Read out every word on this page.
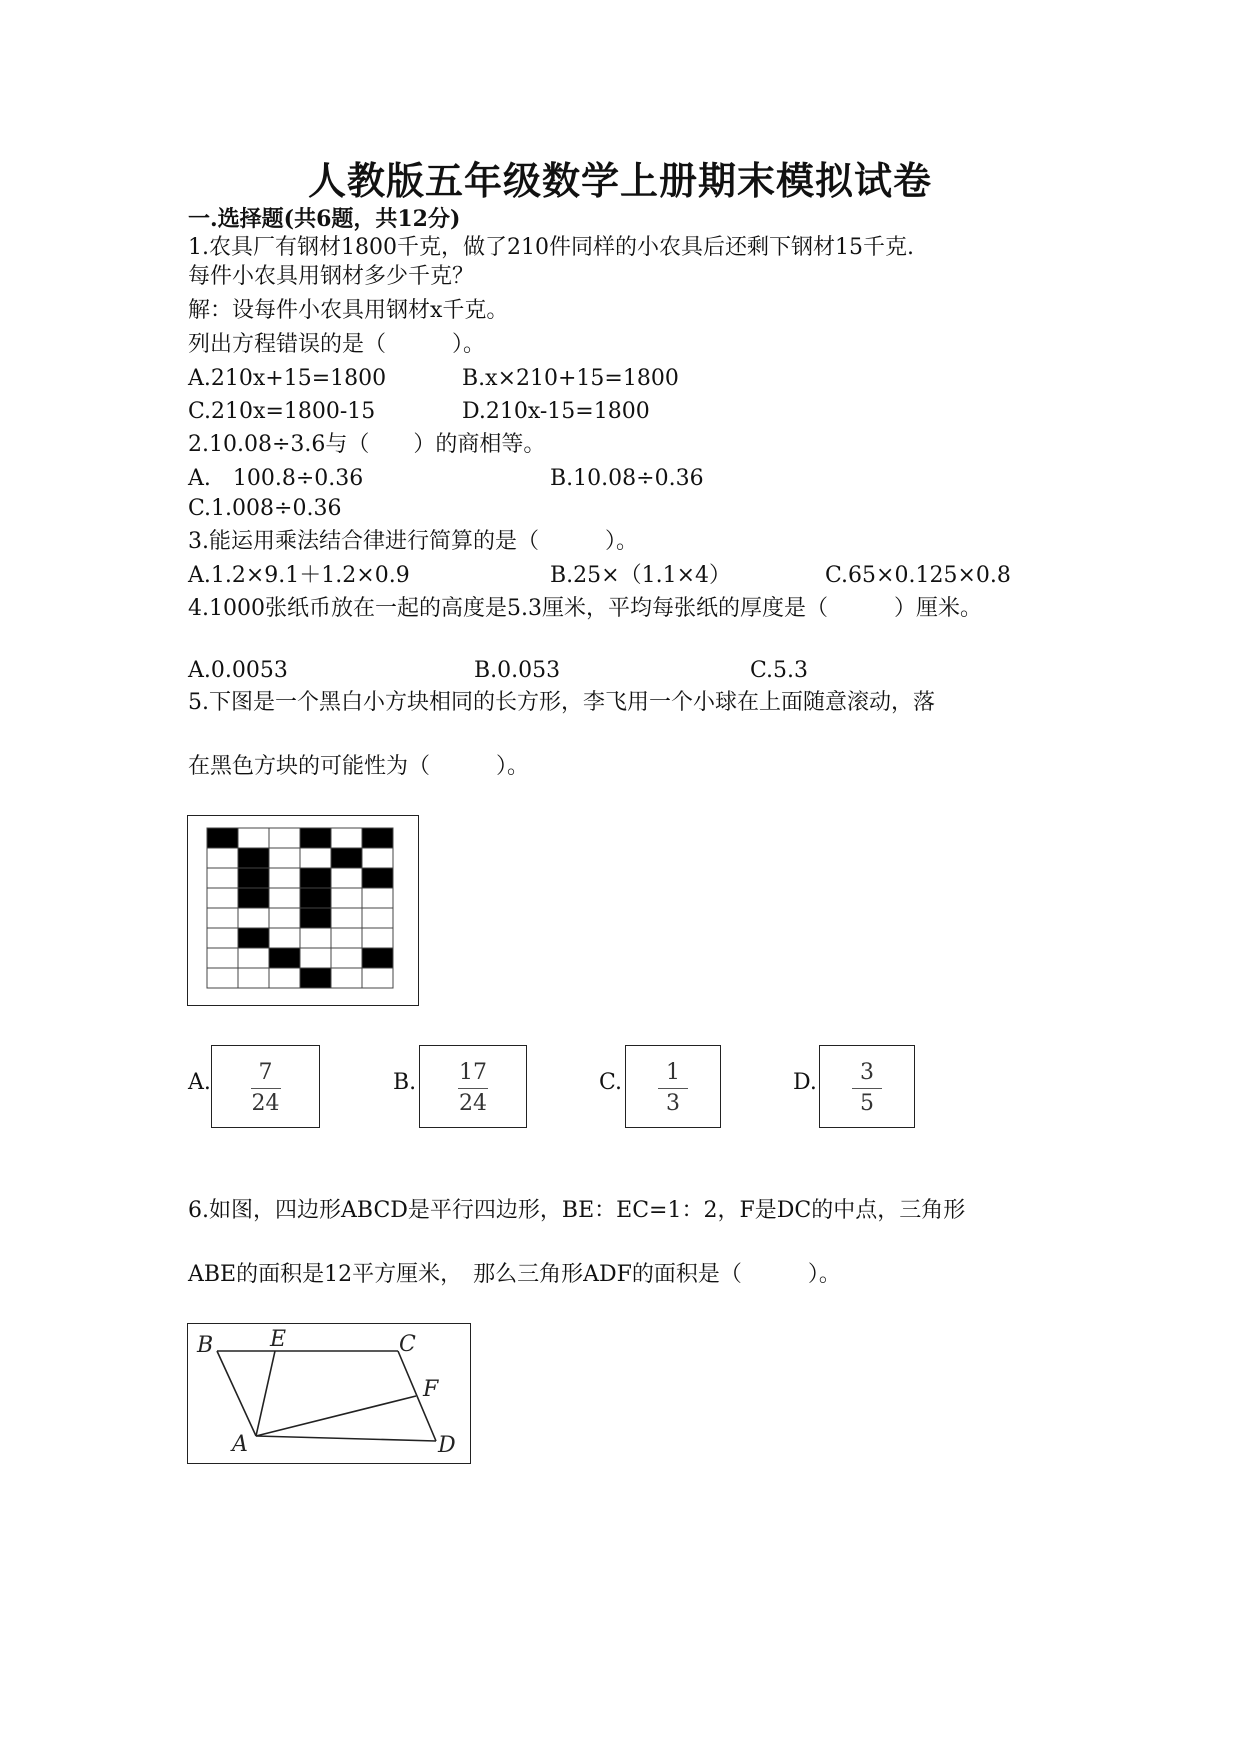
人教版五年级数学上册期末模拟试卷
一.选择题(共6题，共12分)
1.农具厂有钢材1800千克，做了210件同样的小农具后还剩下钢材15千克.
每件小农具用钢材多少千克？
解：设每件小农具用钢材x千克。
列出方程错误的是（　　　）。
A.210x+15=1800	B.x×210+15=1800
C.210x=1800-15	D.210x-15=1800
2.10.08÷3.6与（　　）的商相等。
A.　100.8÷0.36	B.10.08÷0.36
C.1.008÷0.36
3.能运用乘法结合律进行简算的是（　　　）。
A.1.2×9.1＋1.2×0.9	B.25×（1.1×4）	C.65×0.125×0.8
4.1000张纸币放在一起的高度是5.3厘米，平均每张纸的厚度是（　　　）厘米。
A.0.0053	B.0.053	C.5.3
5.下图是一个黑白小方块相同的长方形，李飞用一个小球在上面随意滚动，落
在黑色方块的可能性为（　　　）。
A.	7
24
B.	17
24
C.	1
3
D.	3
5
6.如图，四边形ABCD是平行四边形，BE：EC=1：2，F是DC的中点，三角形
ABE的面积是12平方厘米，　那么三角形ADF的面积是（　　　）。
B	E	C
F
A	D
